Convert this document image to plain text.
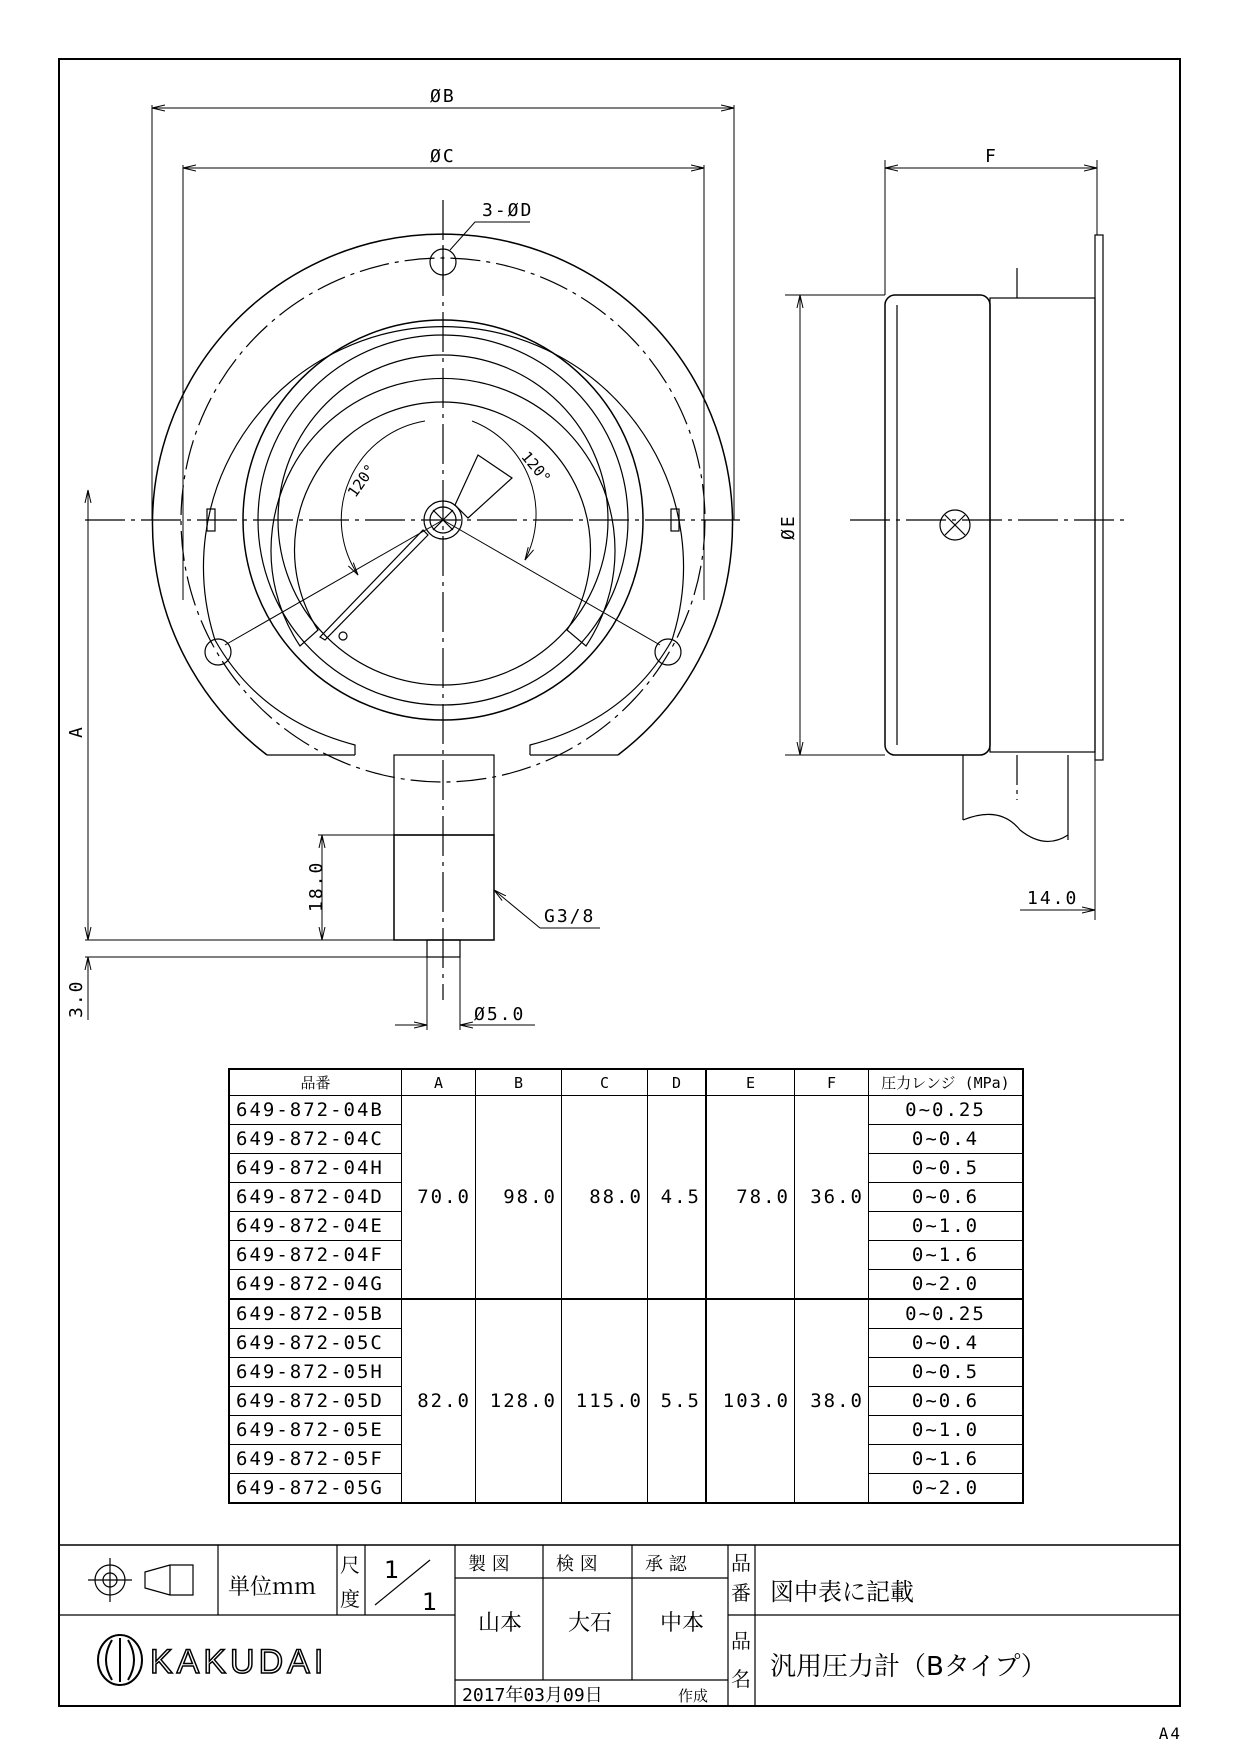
ØB
ØC
3-ØD
120°	120°
A
18.0
3.0
G3/8
Ø5.0
F
ØE
14.0
単位ｍｍ
尺
度
1
1
製 図	検 図	承 認
山本 大石 中本
2017年03月09日	作成
品
番 図中表に記載
品
名 汎用圧力計（Bタイプ）
KAKUDAI
品番	A	B	C	D	E	F	圧力レンジ (MPa)
649-872-04B	70.0	98.0	88.0	4.5	78.0	36.0	0~0.25
649-872-04C							0~0.4
649-872-04H							0~0.5
649-872-04D							0~0.6
649-872-04E							0~1.0
649-872-04F							0~1.6
649-872-04G							0~2.0
649-872-05B	82.0	128.0	115.0	5.5	103.0	38.0	0~0.25
649-872-05C							0~0.4
649-872-05H							0~0.5
649-872-05D							0~0.6
649-872-05E							0~1.0
649-872-05F							0~1.6
649-872-05G							0~2.0
A4
